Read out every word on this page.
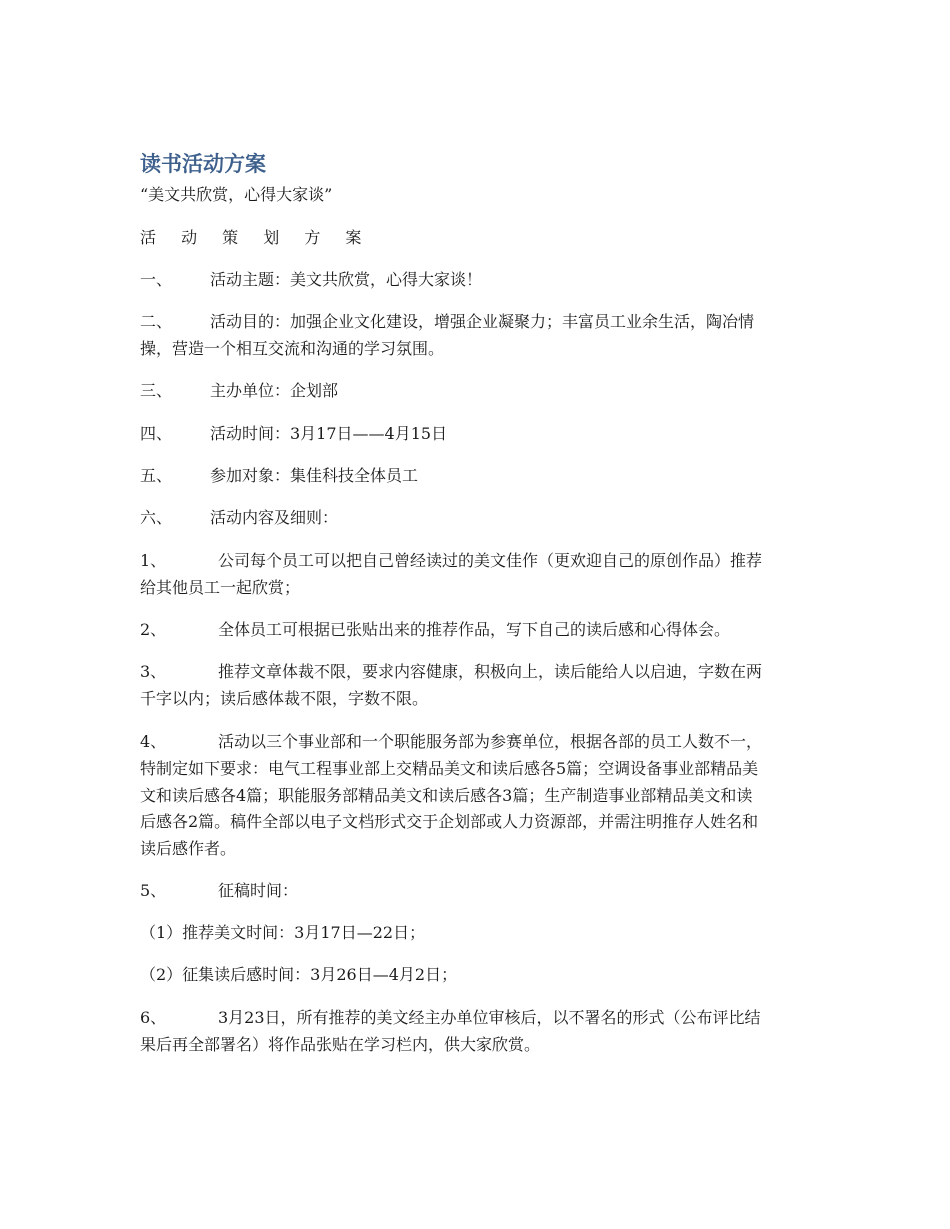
读书活动方案
“美文共欣赏，心得大家谈”
活 动 策 划 方 案
一、 活动主题：美文共欣赏，心得大家谈！
二、 活动目的：加强企业文化建设，增强企业凝聚力；丰富员工业余生活，陶冶情
操，营造一个相互交流和沟通的学习氛围。
三、 主办单位：企划部
四、 活动时间：3月17日——4月15日
五、 参加对象：集佳科技全体员工
六、 活动内容及细则：
1、	公司每个员工可以把自己曾经读过的美文佳作（更欢迎自己的原创作品）推荐
给其他员工一起欣赏；
2、	全体员工可根据已张贴出来的推荐作品，写下自己的读后感和心得体会。
3、	推荐文章体裁不限，要求内容健康，积极向上，读后能给人以启迪，字数在两
千字以内；读后感体裁不限，字数不限。
4、	活动以三个事业部和一个职能服务部为参赛单位，根据各部的员工人数不一，
特制定如下要求：电气工程事业部上交精品美文和读后感各5篇；空调设备事业部精品美
文和读后感各4篇；职能服务部精品美文和读后感各3篇；生产制造事业部精品美文和读
后感各2篇。稿件全部以电子文档形式交于企划部或人力资源部，并需注明推存人姓名和
读后感作者。
5、	征稿时间：
（1）推荐美文时间：3月17日—22日；
（2）征集读后感时间：3月26日—4月2日；
6、	3月23日，所有推荐的美文经主办单位审核后，以不署名的形式（公布评比结
果后再全部署名）将作品张贴在学习栏内，供大家欣赏。
